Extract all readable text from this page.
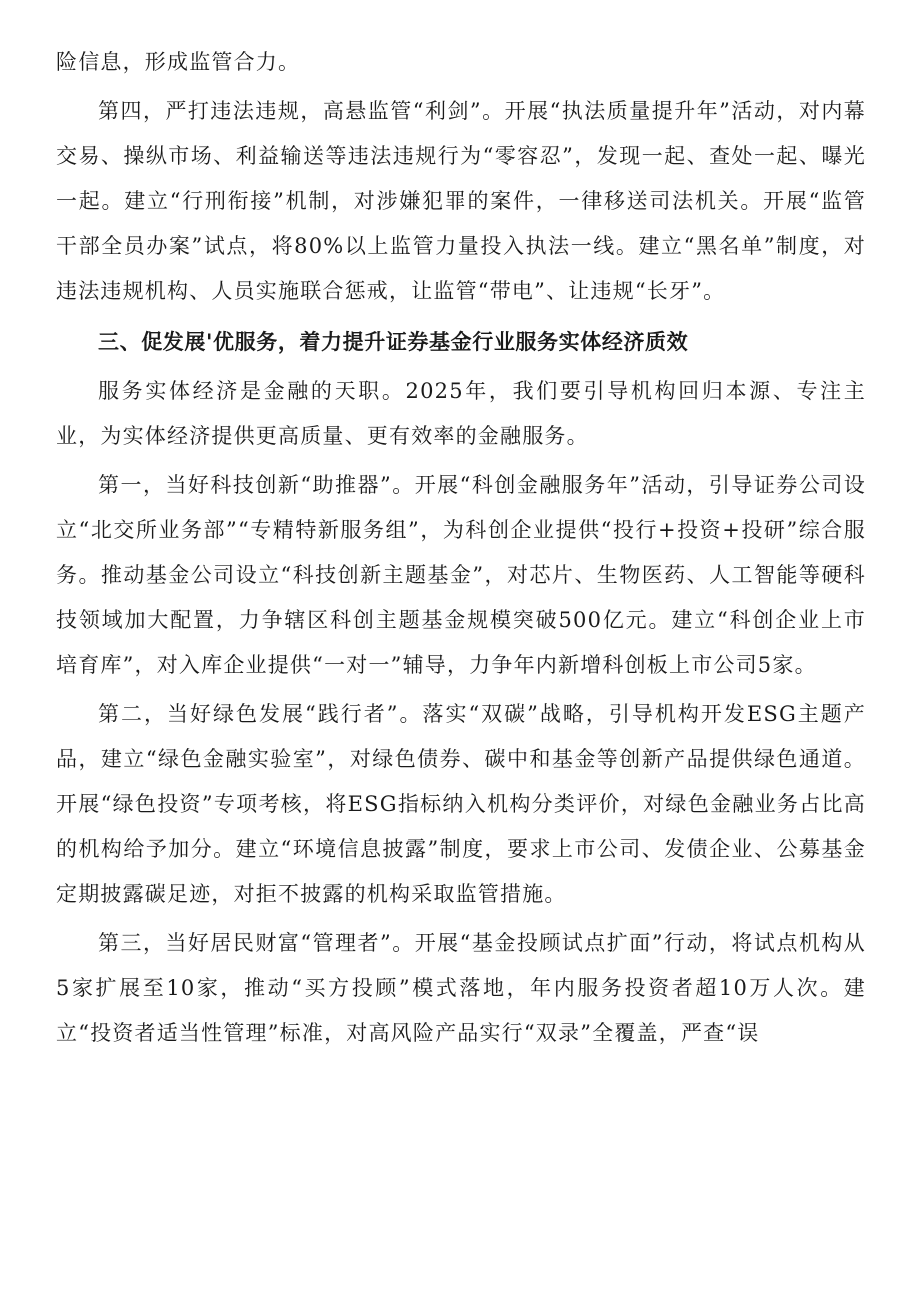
险信息，形成监管合力。

第四，严打违法违规，高悬监管“利剑”。开展“执法质量提升年”活动，对内幕交易、操纵市场、利益输送等违法违规行为“零容忍”，发现一起、查处一起、曝光一起。建立“行刑衔接”机制，对涉嫌犯罪的案件，一律移送司法机关。开展“监管干部全员办案”试点，将80%以上监管力量投入执法一线。建立“黑名单”制度，对违法违规机构、人员实施联合惩戒，让监管“带电”、让违规“长牙”。

三、促发展'优服务，着力提升证券基金行业服务实体经济质效

服务实体经济是金融的天职。2025年，我们要引导机构回归本源、专注主业，为实体经济提供更高质量、更有效率的金融服务。

第一，当好科技创新“助推器”。开展“科创金融服务年”活动，引导证券公司设立“北交所业务部”“专精特新服务组”，为科创企业提供“投行+投资+投研”综合服务。推动基金公司设立“科技创新主题基金”，对芯片、生物医药、人工智能等硬科技领域加大配置，力争辖区科创主题基金规模突破500亿元。建立“科创企业上市培育库”，对入库企业提供“一对一”辅导，力争年内新增科创板上市公司5家。

第二，当好绿色发展“践行者”。落实“双碳”战略，引导机构开发ESG主题产品，建立“绿色金融实验室”，对绿色债券、碳中和基金等创新产品提供绿色通道。开展“绿色投资”专项考核，将ESG指标纳入机构分类评价，对绿色金融业务占比高的机构给予加分。建立“环境信息披露”制度，要求上市公司、发债企业、公募基金定期披露碳足迹，对拒不披露的机构采取监管措施。

第三，当好居民财富“管理者”。开展“基金投顾试点扩面”行动，将试点机构从5家扩展至10家，推动“买方投顾”模式落地，年内服务投资者超10万人次。建立“投资者适当性管理”标准，对高风险产品实行“双录”全覆盖，严查“误
